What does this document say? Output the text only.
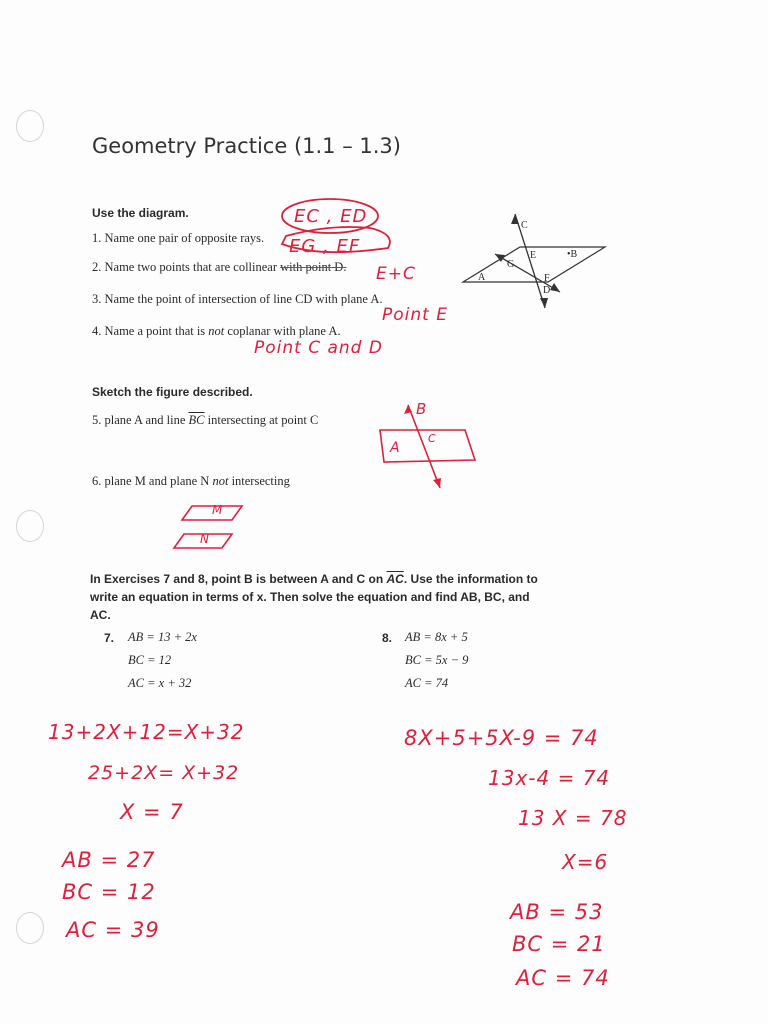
Geometry Practice (1.1 – 1.3)
Use the diagram.
1. Name one pair of opposite rays.
2. Name two points that are collinear with point D.
3. Name the point of intersection of line CD with plane A.
4. Name a point that is not coplanar with plane A.
C
E	•B
G
A	F
D
EC , ED
EG , EF
E+C
Point E
Point C and D
Sketch the figure described.
5. plane A and line $\overline{BC}$ intersecting at point C
6. plane M and plane N not intersecting
B
A
C
M
N
In Exercises 7 and 8, point B is between A and C on $\overline{AC}$. Use the information to
write an equation in terms of x. Then solve the equation and find AB, BC, and
AC.
7. AB = 13 + 2x
BC = 12
AC = x + 32
8. AB = 8x + 5
BC = 5x − 9
AC = 74
13+2X+12=X+32
25+2X= X+32
X = 7
AB = 27
BC = 12
AC = 39
8X+5+5X-9 = 74
13x-4 = 74
13 X = 78
X=6
AB = 53
BC = 21
AC = 74
